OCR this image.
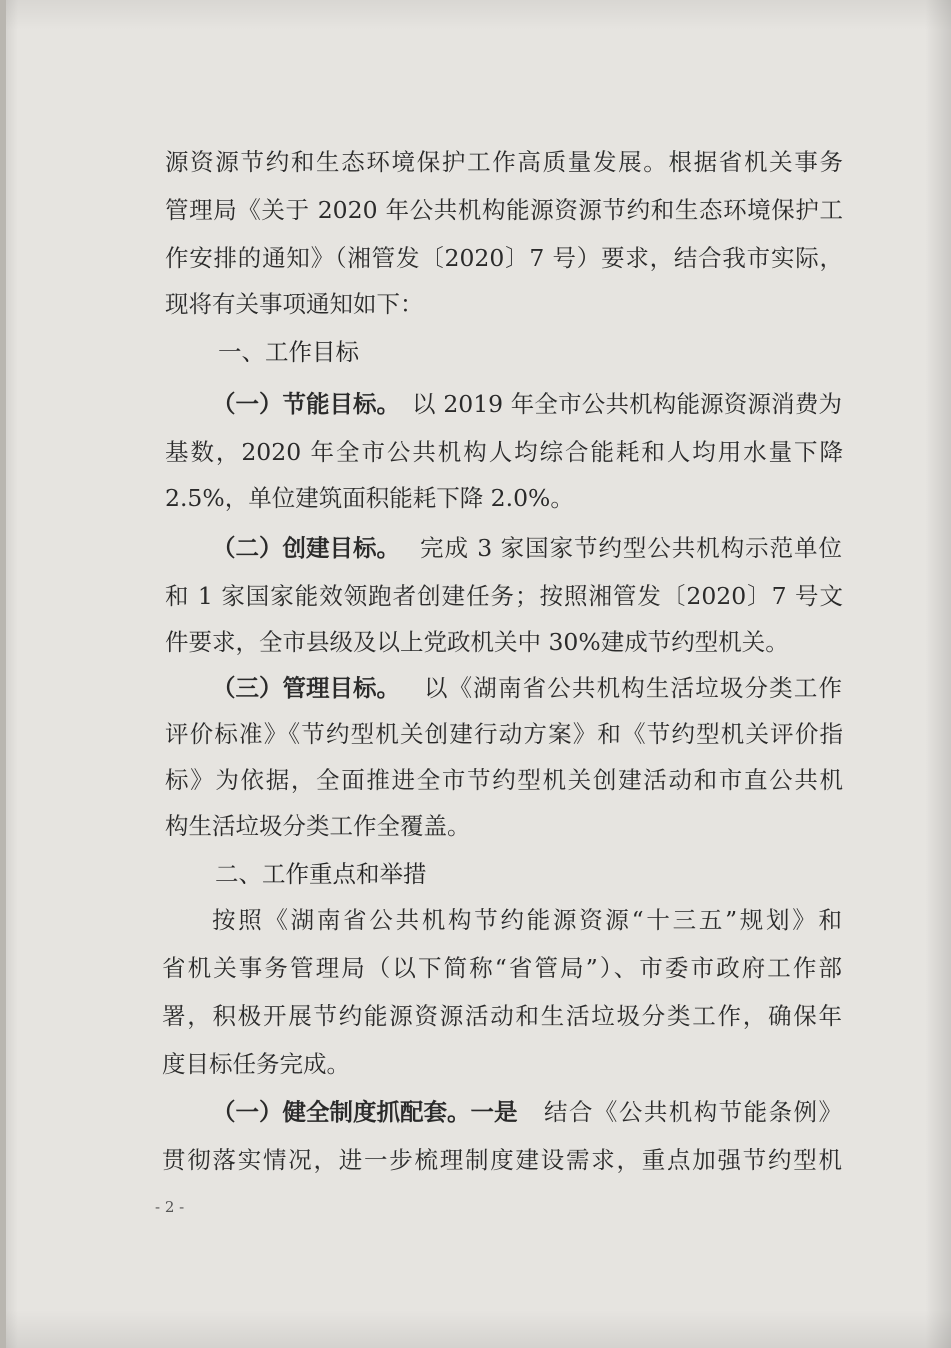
源资源节约和生态环境保护工作高质量发展。根据省机关事务
管理局《关于 2020 年公共机构能源资源节约和生态环境保护工
作安排的通知》（湘管发〔2020〕7 号）要求，结合我市实际，
现将有关事项通知如下：
一、工作目标
（一）节能目标。 以 2019 年全市公共机构能源资源消费为
基数，2020 年全市公共机构人均综合能耗和人均用水量下降
2.5%，单位建筑面积能耗下降 2.0%。
（二）创建目标。 完成 3 家国家节约型公共机构示范单位
和 1 家国家能效领跑者创建任务；按照湘管发〔2020〕7 号文
件要求，全市县级及以上党政机关中 30%建成节约型机关。
（三）管理目标。 以《湖南省公共机构生活垃圾分类工作
评价标准》《节约型机关创建行动方案》和《节约型机关评价指
标》为依据，全面推进全市节约型机关创建活动和市直公共机
构生活垃圾分类工作全覆盖。
二、工作重点和举措
按照《湖南省公共机构节约能源资源“十三五”规划》和
省机关事务管理局（以下简称“省管局”）、市委市政府工作部
署，积极开展节约能源资源活动和生活垃圾分类工作，确保年
度目标任务完成。
（一）健全制度抓配套。一是 结合《公共机构节能条例》
贯彻落实情况，进一步梳理制度建设需求，重点加强节约型机
- 2 -
